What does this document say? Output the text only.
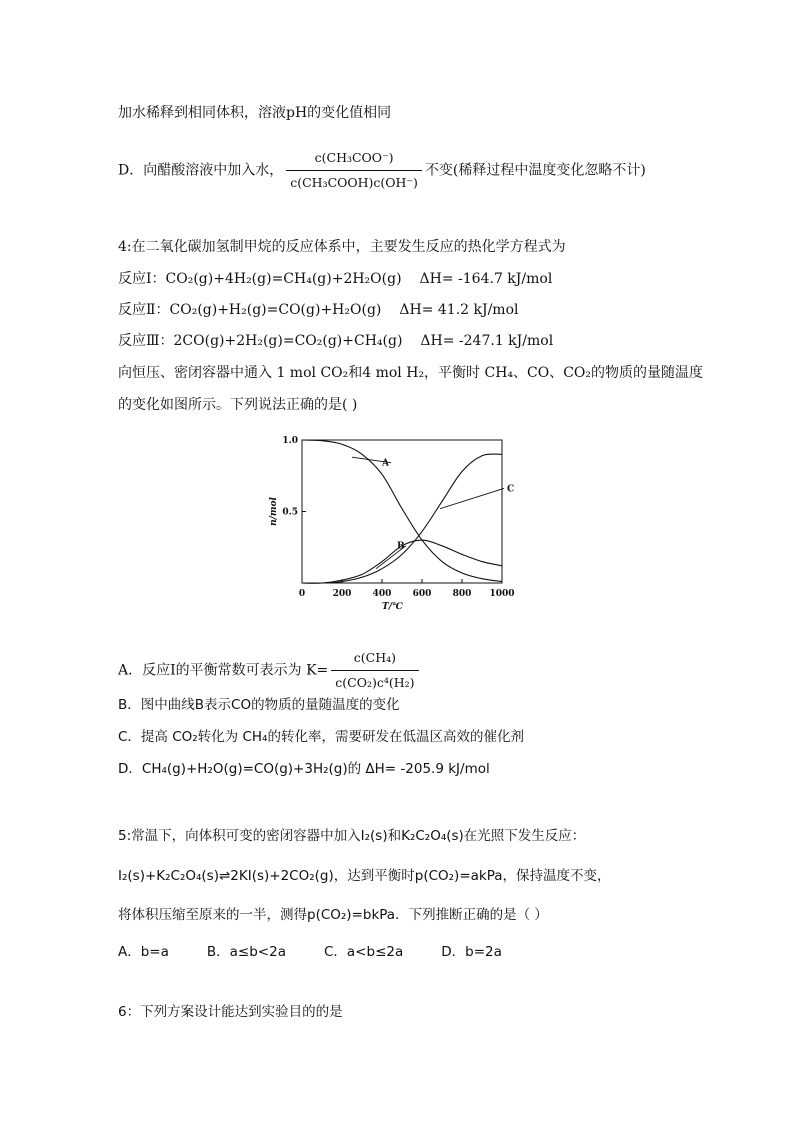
加水稀释到相同体积，溶液pH的变化值相同
D．向醋酸溶液中加入水， $\frac{\text{c(CH₃COO⁻)}}{\text{c(CH₃COOH)c(OH⁻)}}$ 不变(稀释过程中温度变化忽略不计)
4:在二氧化碳加氢制甲烷的反应体系中，主要发生反应的热化学方程式为
反应Ⅰ：CO₂(g)+4H₂(g)=CH₄(g)+2H₂O(g) ΔH= -164.7 kJ/mol
反应Ⅱ：CO₂(g)+H₂(g)=CO(g)+H₂O(g) ΔH= 41.2 kJ/mol
反应Ⅲ：2CO(g)+2H₂(g)=CO₂(g)+CH₄(g) ΔH= -247.1 kJ/mol
向恒压、密闭容器中通入 1 mol CO₂和4 mol H₂，平衡时 CH₄、CO、CO₂的物质的量随温度
的变化如图所示。下列说法正确的是( )
0	200 400 600 800 1000
0.5
1.0
T/℃
n/mol
A
B
C
A．反应Ⅰ的平衡常数可表示为 $K= \frac{\text{c(CH₄)}}{\text{c(CO₂)c⁴(H₂)}}$
B．图中曲线B表示CO的物质的量随温度的变化
C．提高 CO₂转化为 CH₄的转化率，需要研发在低温区高效的催化剂
D．CH₄(g)+H₂O(g)=CO(g)+3H₂(g)的 ΔH= -205.9 kJ/mol
5:常温下，向体积可变的密闭容器中加入I₂(s)和K₂C₂O₄(s)在光照下发生反应：
I₂(s)+K₂C₂O₄(s)⇌2KI(s)+2CO₂(g)，达到平衡时p(CO₂)=akPa，保持温度不变，
将体积压缩至原来的一半，测得p(CO₂)=bkPa．下列推断正确的是（ ）
A．b=a	B．a≤b<2a	C．a<b≤2a	D．b=2a
6：下列方案设计能达到实验目的的是
